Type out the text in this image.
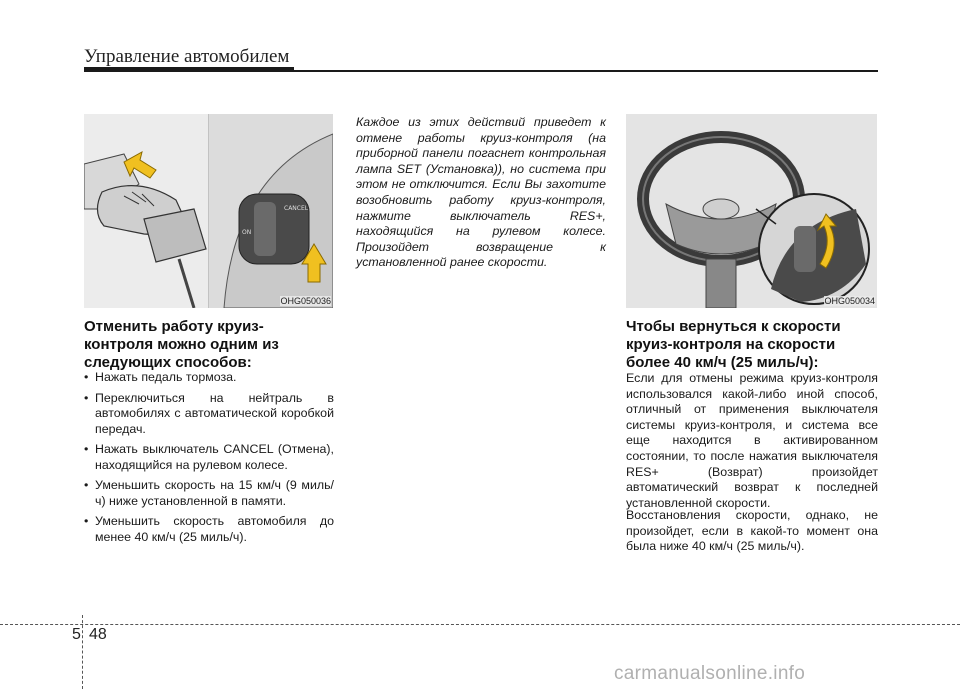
Управление автомобилем
ON
CANCEL
OHG050036	OHG050034
Отменить работу круиз-
контроля можно одним из
следующих способов:
• Нажать педаль тормоза.
• Переключиться на нейтраль в автомобилях с автоматической коробкой передач.
• Нажать выключатель CANCEL (Отмена), находящийся на рулевом колесе.
• Уменьшить скорость на 15 км/ч (9 миль/ч) ниже установленной в памяти.
• Уменьшить скорость автомобиля до менее 40 км/ч (25 миль/ч).
Каждое из этих действий приведет к отмене работы круиз-контроля (на приборной панели погаснет контрольная лампа SET (Установка)), но система при этом не отключится. Если Вы захотите возобновить работу круиз-контроля, нажмите выключатель RES+, находящийся на рулевом колесе. Произойдет возвращение к установленной ранее скорости.
Чтобы вернуться к скорости
круиз-контроля на скорости
более 40 км/ч (25 миль/ч):

Если для отмены режима круиз-контроля использовался какой-либо иной способ, отличный от применения выключателя системы круиз-контроля, и система все еще находится в активированном состоянии, то после нажатия выключателя RES+ (Возврат) произойдет автоматический возврат к последней установленной скорости.

Восстановления скорости, однако, не произойдет, если в какой-то момент она была ниже 40 км/ч (25 миль/ч).

5 48
carmanualsonline.info
